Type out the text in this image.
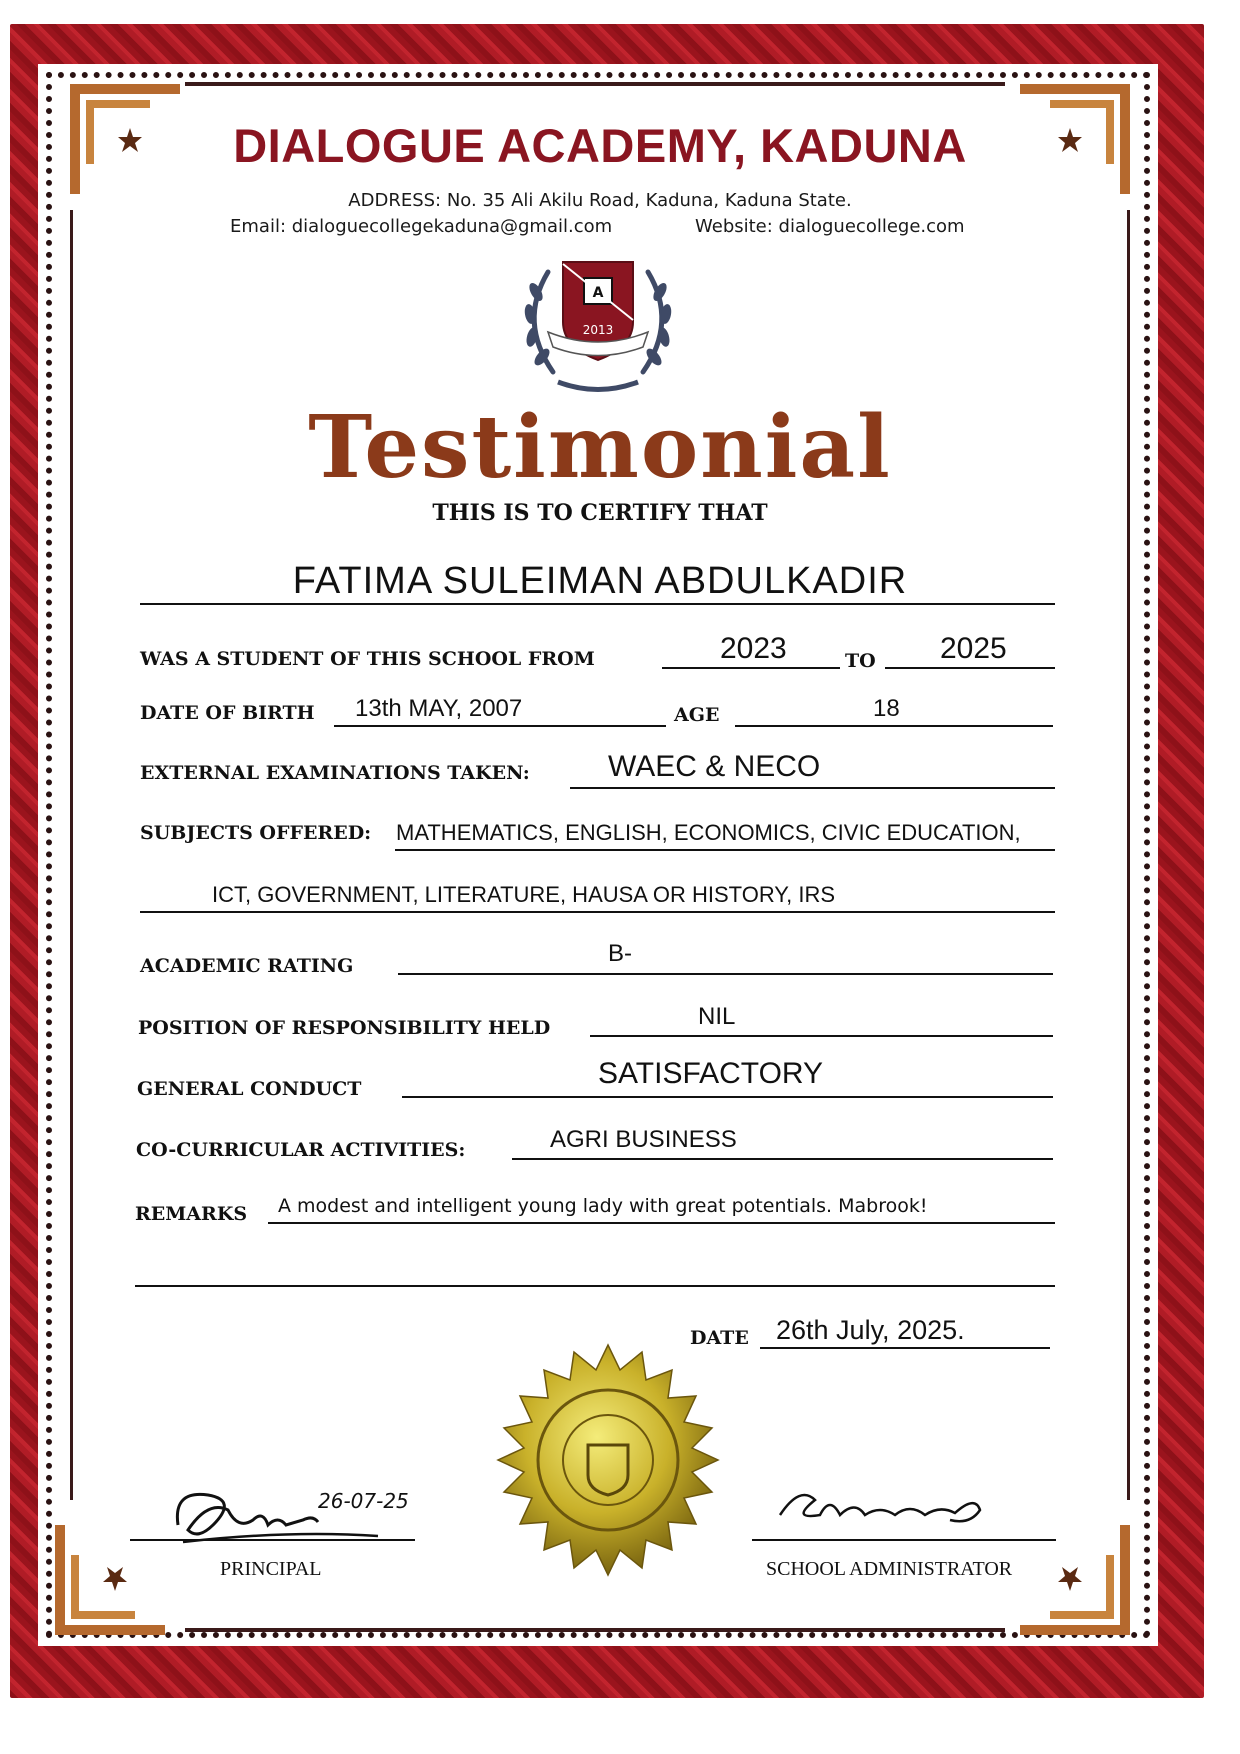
DIALOGUE ACADEMY, KADUNA
ADDRESS: No. 35 Ali Akilu Road, Kaduna, Kaduna State.
Email: dialoguecollegekaduna@gmail.com	Website: dialoguecollege.com
A
2013
Testimonial
THIS IS TO CERTIFY THAT
FATIMA SULEIMAN ABDULKADIR
WAS A STUDENT OF THIS SCHOOL FROM	2023	TO 2025
DATE OF BIRTH 13th MAY, 2007	AGE	18
EXTERNAL EXAMINATIONS TAKEN:	WAEC & NECO
SUBJECTS OFFERED: MATHEMATICS, ENGLISH, ECONOMICS, CIVIC EDUCATION,
ICT, GOVERNMENT, LITERATURE, HAUSA OR HISTORY, IRS
ACADEMIC RATING	B-
POSITION OF RESPONSIBILITY HELD	NIL
GENERAL CONDUCT	SATISFACTORY
CO-CURRICULAR ACTIVITIES:	AGRI BUSINESS
REMARKS A modest and intelligent young lady with great potentials. Mabrook!
DATE 26th July, 2025.
26-07-25
PRINCIPAL	SCHOOL ADMINISTRATOR
